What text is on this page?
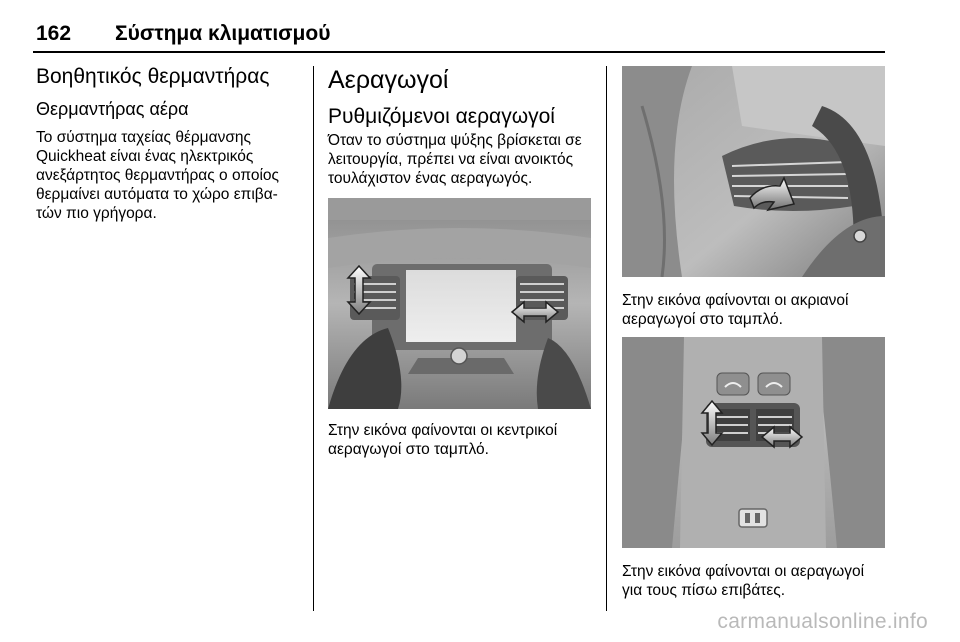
162 Σύστημα κλιματισμού
Βοηθητικός θερμαντήρας
Θερμαντήρας αέρα
Το σύστημα ταχείας θέρμανσης
Quickheat είναι ένας ηλεκτρικός
ανεξάρτητος θερμαντήρας ο οποίος
θερμαίνει αυτόματα το χώρο επιβα-
τών πιο γρήγορα.
Αεραγωγοί
Ρυθμιζόμενοι αεραγωγοί
Όταν το σύστημα ψύξης βρίσκεται σε
λειτουργία, πρέπει να είναι ανοικτός
τουλάχιστον ένας αεραγωγός.
Στην εικόνα φαίνονται οι κεντρικοί
αεραγωγοί στο ταμπλό.
Στην εικόνα φαίνονται οι ακριανοί
αεραγωγοί στο ταμπλό.
Στην εικόνα φαίνονται οι αεραγωγοί
για τους πίσω επιβάτες.
carmanualsonline.info
